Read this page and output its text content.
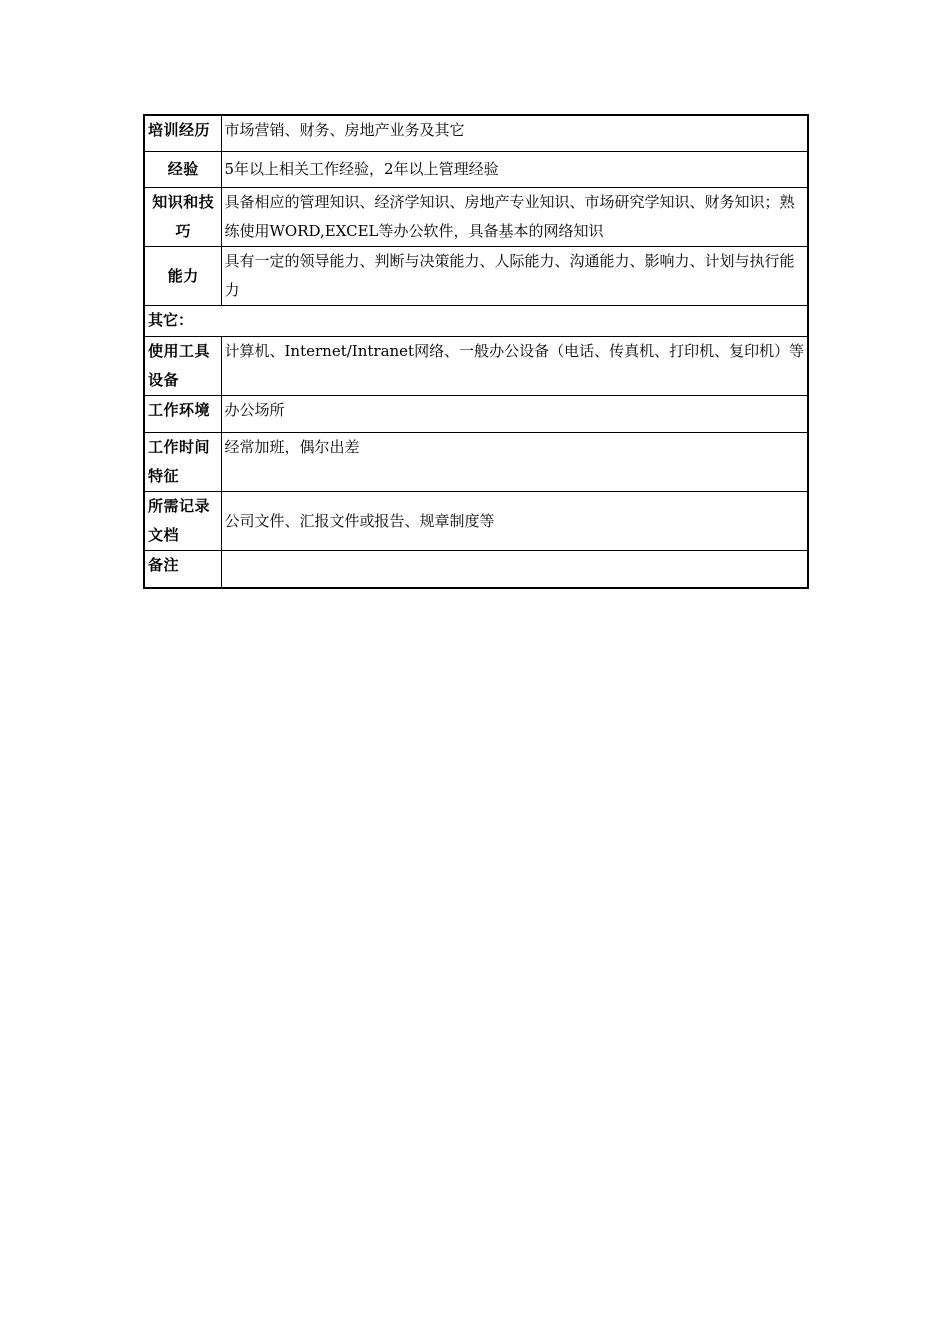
培训经历	市场营销、财务、房地产业务及其它
经验	5年以上相关工作经验，2年以上管理经验
知识和技巧	具备相应的管理知识、经济学知识、房地产专业知识、市场研究学知识、财务知识；熟练使用WORD,EXCEL等办公软件，具备基本的网络知识
能力	具有一定的领导能力、判断与决策能力、人际能力、沟通能力、影响力、计划与执行能力
其它：	
使用工具设备	计算机、Internet/Intranet网络、一般办公设备（电话、传真机、打印机、复印机）等
工作环境	办公场所
工作时间特征	经常加班，偶尔出差
所需记录文档	公司文件、汇报文件或报告、规章制度等
备注	
